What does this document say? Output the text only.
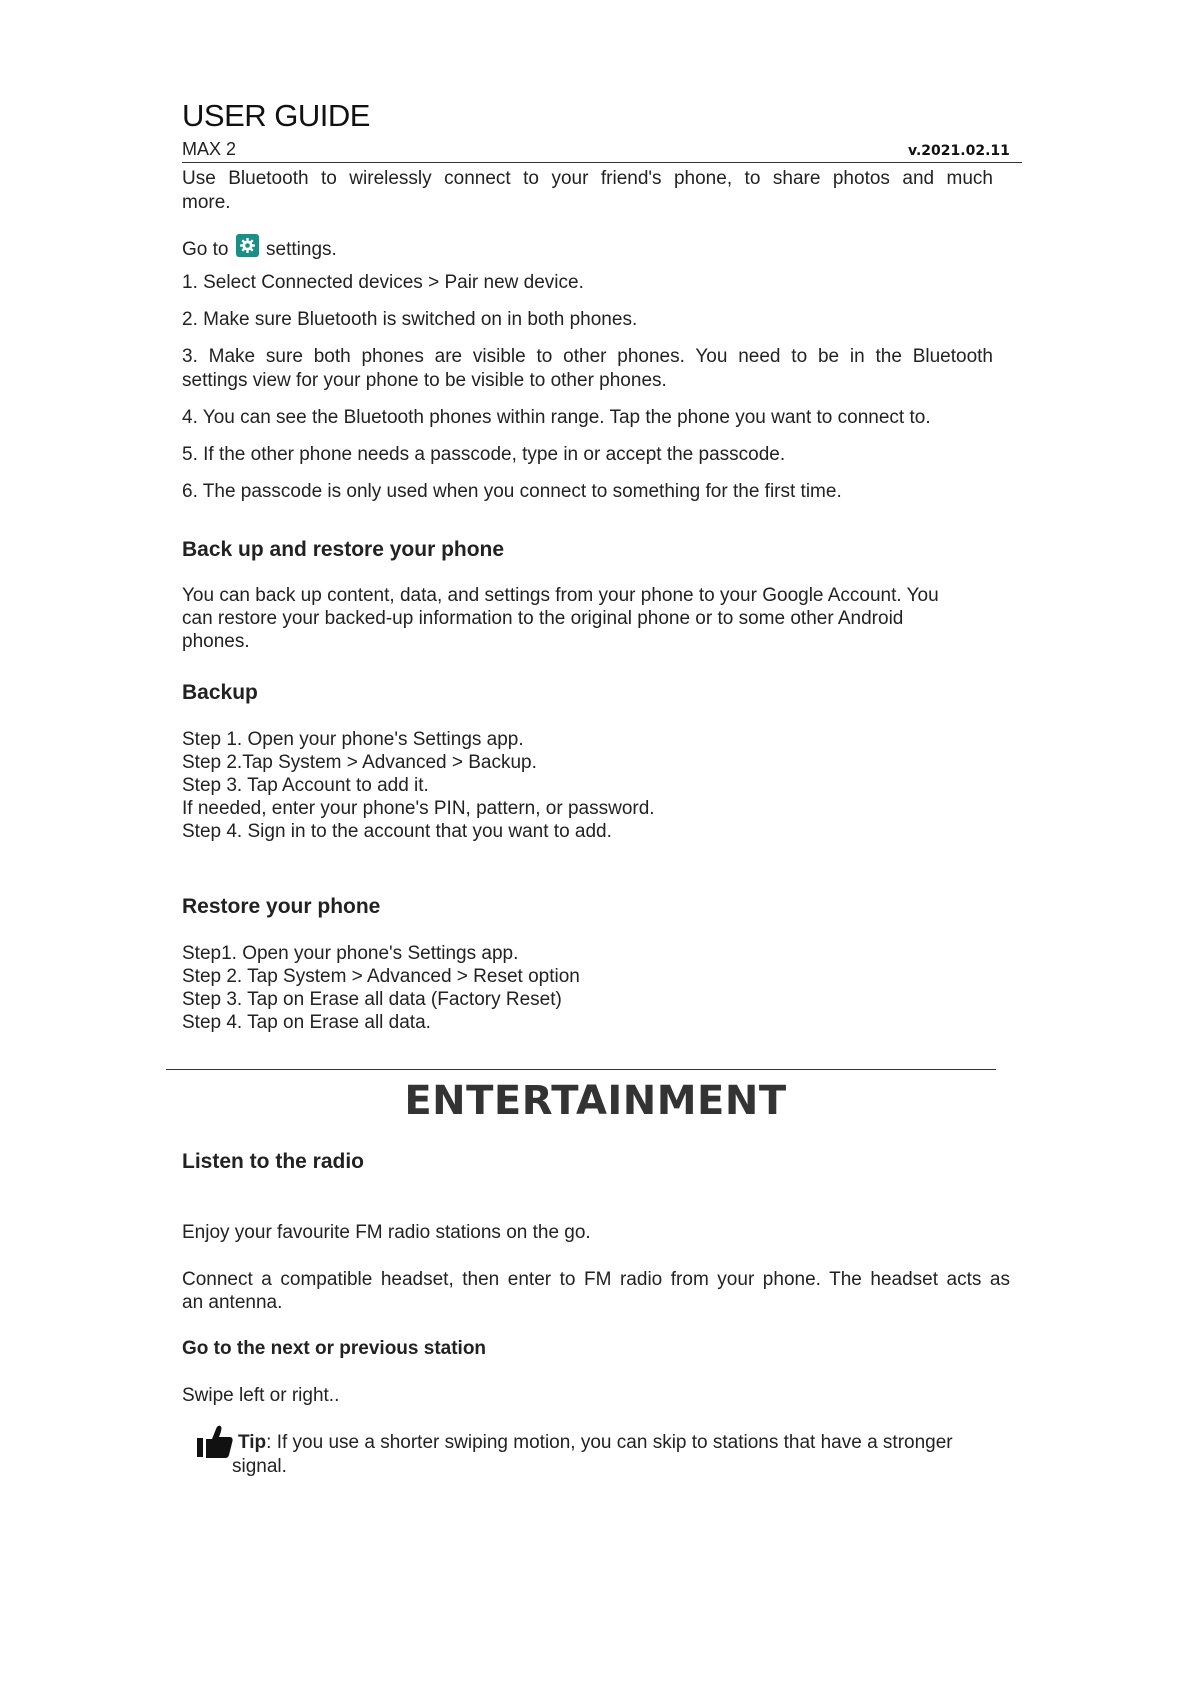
USER GUIDE
MAX 2	v.2021.02.11
Use Bluetooth to wirelessly connect to your friend's phone, to share photos and much
more.
Go to settings.
1. Select Connected devices > Pair new device.
2. Make sure Bluetooth is switched on in both phones.
3. Make sure both phones are visible to other phones. You need to be in the Bluetooth
settings view for your phone to be visible to other phones.
4. You can see the Bluetooth phones within range. Tap the phone you want to connect to.
5. If the other phone needs a passcode, type in or accept the passcode.
6. The passcode is only used when you connect to something for the first time.
Back up and restore your phone
You can back up content, data, and settings from your phone to your Google Account. You
can restore your backed-up information to the original phone or to some other Android
phones.
Backup
Step 1. Open your phone's Settings app.
Step 2.Tap System > Advanced > Backup.
Step 3. Tap Account to add it.
If needed, enter your phone's PIN, pattern, or password.
Step 4. Sign in to the account that you want to add.
Restore your phone
Step1. Open your phone's Settings app.
Step 2. Tap System > Advanced > Reset option
Step 3. Tap on Erase all data (Factory Reset)
Step 4. Tap on Erase all data.
ENTERTAINMENT
Listen to the radio
Enjoy your favourite FM radio stations on the go.
Connect a compatible headset, then enter to FM radio from your phone. The headset acts as
an antenna.
Go to the next or previous station
Swipe left or right..
Tip: If you use a shorter swiping motion, you can skip to stations that have a stronger
signal.
